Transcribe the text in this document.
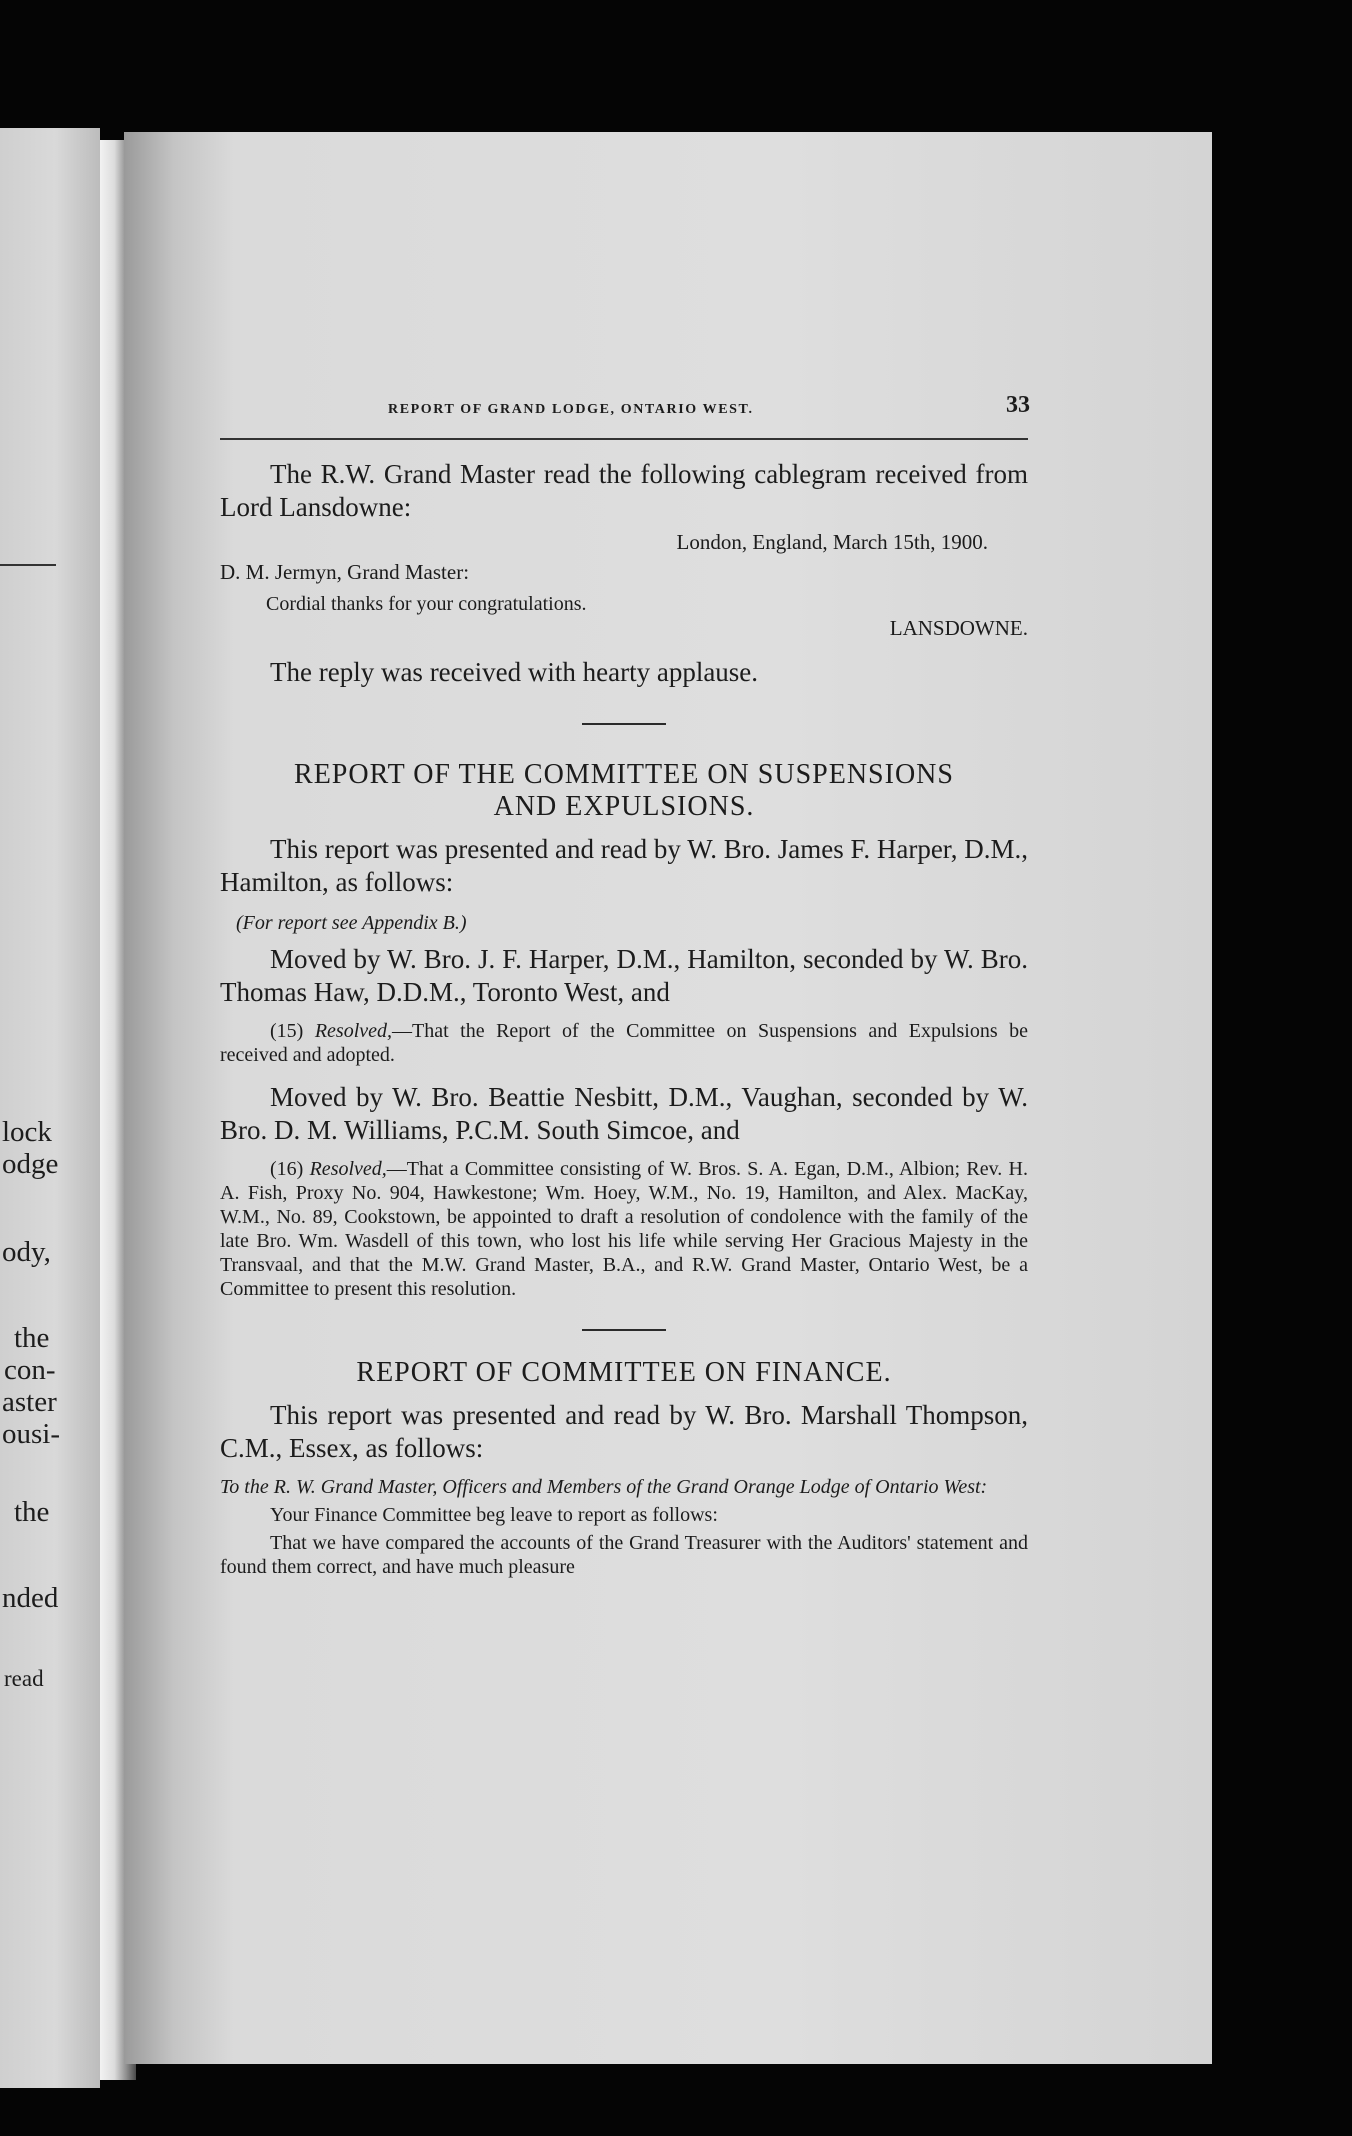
lock
odge
ody,
the
con-
aster
ousi-
the
nded
read
REPORT OF GRAND LODGE, ONTARIO WEST.	33

The R.W. Grand Master read the following cablegram received from Lord Lansdowne:

London, England, March 15th, 1900.

D. M. Jermyn, Grand Master:

Cordial thanks for your congratulations.

LANSDOWNE.

The reply was received with hearty applause.

REPORT OF THE COMMITTEE ON SUSPENSIONS

AND EXPULSIONS.

This report was presented and read by W. Bro. James F. Harper, D.M., Hamilton, as follows:

(For report see Appendix B.)

Moved by W. Bro. J. F. Harper, D.M., Hamilton, seconded by W. Bro. Thomas Haw, D.D.M., Toronto West, and

(15) Resolved,—That the Report of the Committee on Suspensions and Expulsions be received and adopted.

Moved by W. Bro. Beattie Nesbitt, D.M., Vaughan, seconded by W. Bro. D. M. Williams, P.C.M. South Simcoe, and

(16) Resolved,—That a Committee consisting of W. Bros. S. A. Egan, D.M., Albion; Rev. H. A. Fish, Proxy No. 904, Hawkestone; Wm. Hoey, W.M., No. 19, Hamilton, and Alex. MacKay, W.M., No. 89, Cookstown, be appointed to draft a resolution of condolence with the family of the late Bro. Wm. Wasdell of this town, who lost his life while serving Her Gracious Majesty in the Transvaal, and that the M.W. Grand Master, B.A., and R.W. Grand Master, Ontario West, be a Committee to present this resolution.

REPORT OF COMMITTEE ON FINANCE.

This report was presented and read by W. Bro. Marshall Thompson, C.M., Essex, as follows:

To the R. W. Grand Master, Officers and Members of the Grand Orange Lodge of Ontario West:

Your Finance Committee beg leave to report as follows:

That we have compared the accounts of the Grand Treasurer with the Auditors' statement and found them correct, and have much pleasure
